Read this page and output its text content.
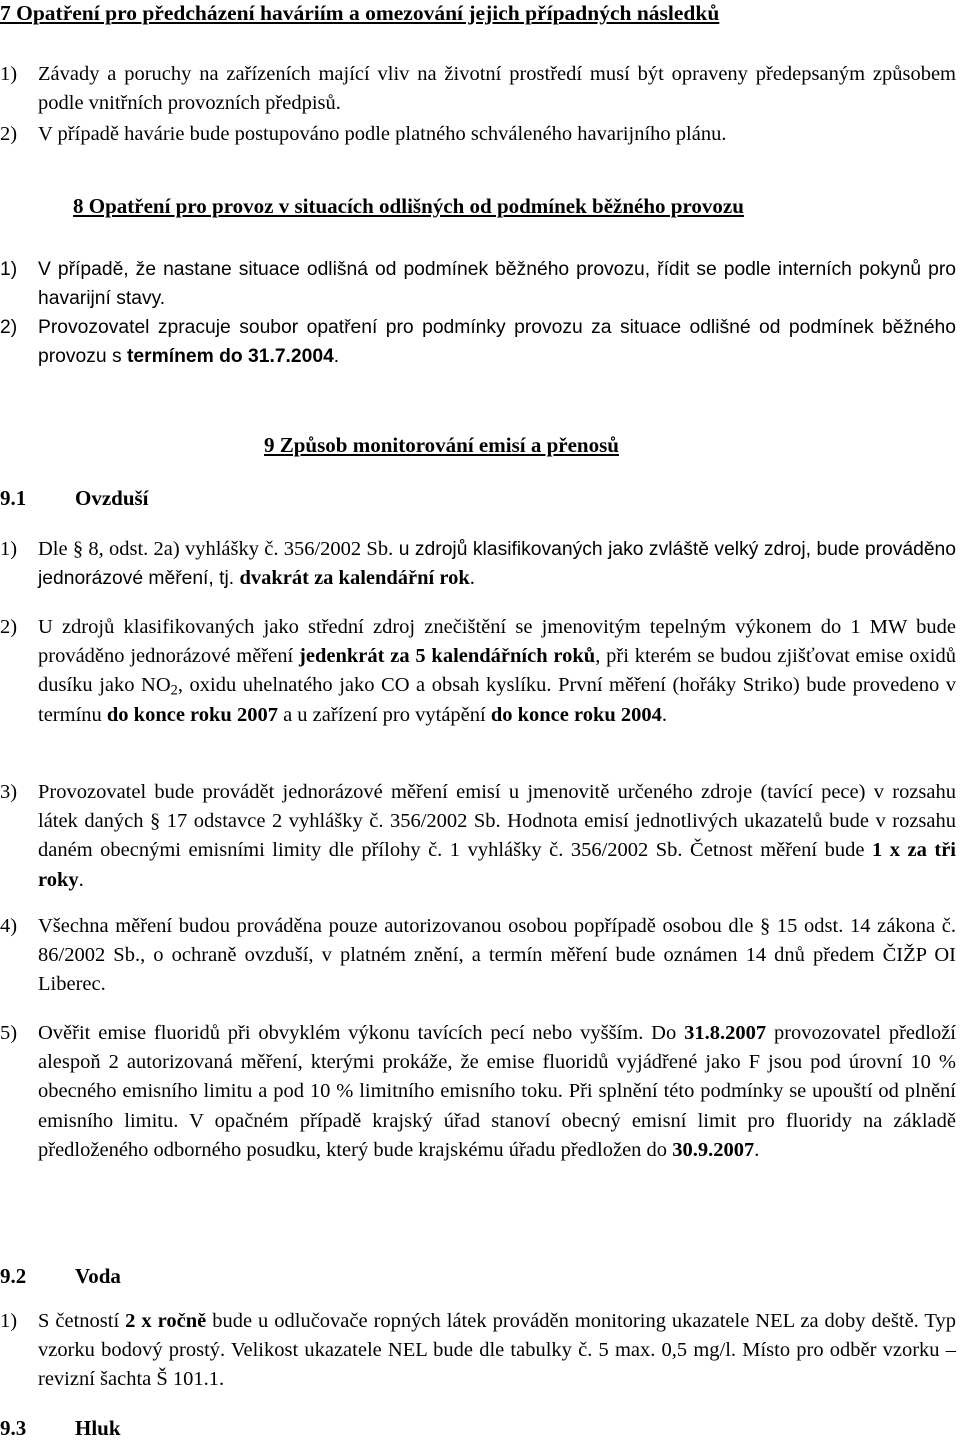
7 Opatření pro předcházení haváriím a omezování jejich případných následků
1)	Závady a poruchy na zařízeních mající vliv na životní prostředí musí být opraveny předepsaným způsobem podle vnitřních provozních předpisů.
2)	V případě havárie bude postupováno podle platného schváleného havarijního plánu.
8 Opatření pro provoz v situacích odlišných od podmínek běžného provozu
1)	V případě, že nastane situace odlišná od podmínek běžného provozu, řídit se podle interních pokynů pro havarijní stavy.
2)	Provozovatel zpracuje soubor opatření pro podmínky provozu za situace odlišné od podmínek běžného provozu s termínem do 31.7.2004.
9 Způsob monitorování emisí a přenosů
9.1 Ovzduší
1)	Dle § 8, odst. 2a) vyhlášky č. 356/2002 Sb. u zdrojů klasifikovaných jako zvláště velký zdroj, bude prováděno jednorázové měření, tj. dvakrát za kalendářní rok.
2)	U zdrojů klasifikovaných jako střední zdroj znečištění se jmenovitým tepelným výkonem do 1 MW bude prováděno jednorázové měření jedenkrát za 5 kalendářních roků, při kterém se budou zjišťovat emise oxidů dusíku jako $NO_2$, oxidu uhelnatého jako CO a obsah kyslíku. První měření (hořáky Striko) bude provedeno v termínu do konce roku 2007 a u zařízení pro vytápění do konce roku 2004.
3)	Provozovatel bude provádět jednorázové měření emisí u jmenovitě určeného zdroje (tavící pece) v rozsahu látek daných § 17 odstavce 2 vyhlášky č. 356/2002 Sb. Hodnota emisí jednotlivých ukazatelů bude v rozsahu daném obecnými emisními limity dle přílohy č. 1 vyhlášky č. 356/2002 Sb. Četnost měření bude 1 x za tři roky.
4)	Všechna měření budou prováděna pouze autorizovanou osobou popřípadě osobou dle § 15 odst. 14 zákona č. 86/2002 Sb., o ochraně ovzduší, v platném znění, a termín měření bude oznámen 14 dnů předem ČIŽP OI Liberec.
5)	Ověřit emise fluoridů při obvyklém výkonu tavících pecí nebo vyšším. Do 31.8.2007 provozovatel předloží alespoň 2 autorizovaná měření, kterými prokáže, že emise fluoridů vyjádřené jako F jsou pod úrovní 10 % obecného emisního limitu a pod 10 % limitního emisního toku. Při splnění této podmínky se upouští od plnění emisního limitu. V opačném případě krajský úřad stanoví obecný emisní limit pro fluoridy na základě předloženého odborného posudku, který bude krajskému úřadu předložen do 30.9.2007.
9.2 Voda
1)	S četností 2 x ročně bude u odlučovače ropných látek prováděn monitoring ukazatele NEL za doby deště. Typ vzorku bodový prostý. Velikost ukazatele NEL bude dle tabulky č. 5 max. 0,5 mg/l. Místo pro odběr vzorku – revizní šachta Š 101.1.
9.3 Hluk
